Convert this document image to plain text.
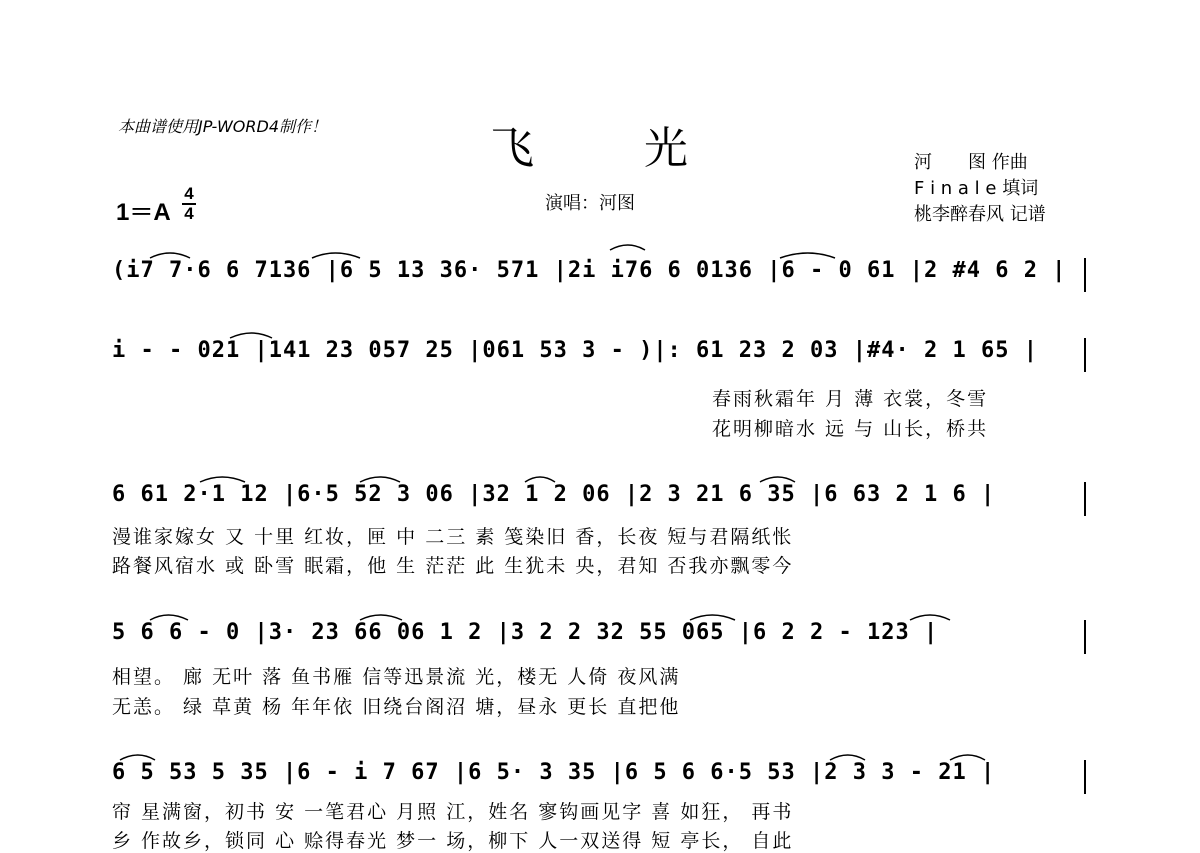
本曲谱使用JP-WORD4制作！	飞光	河　　图 作曲
F i n a l e 填词
桃李醉春风 记谱
演唱：河图
1＝A
4
4
(i7 7·6 6 7136 |6 5 13 36· 571 |2i i76 6 0136 |6 - 0 61 |2 #4 6 2 |
i - - 021 |141 23 057 25 |061 53 3 - )|: 61 23 2 03 |#4· 2 1 65 |
春雨秋霜年 月 薄 衣裳，冬雪
花明柳暗水 远 与 山长，桥共
6 61 2·1 12 |6·5 52 3 06 |32 1 2 06 |2 3 21 6 35 |6 63 2 1 6 |
漫谁家嫁女 又 十里 红妆，匣 中 二三 素 笺染旧 香，长夜 短与君隔纸怅
路餐风宿水 或 卧雪 眠霜，他 生 茫茫 此 生犹未 央，君知 否我亦飘零今
5 6 6 - 0 |3· 23 66 06 1 2 |3 2 2 32 55 065 |6 2 2 - 123 |
相望。 廊 无叶 落 鱼书雁 信等迅景流 光，楼无 人倚 夜风满
无恙。 绿 草黄 杨 年年依 旧绕台阁沼 塘，昼永 更长 直把他
6 5 53 5 35 |6 - i 7 67 |6 5· 3 35 |6 5 6 6·5 53 |2 3 3 - 21 |
帘 星满窗，初书 安 一笔君心 月照 江，姓名 寥钩画见字 喜 如狂， 再书
乡 作故乡，锁同 心 赊得春光 梦一 场，柳下 人一双送得 短 亭长， 自此
